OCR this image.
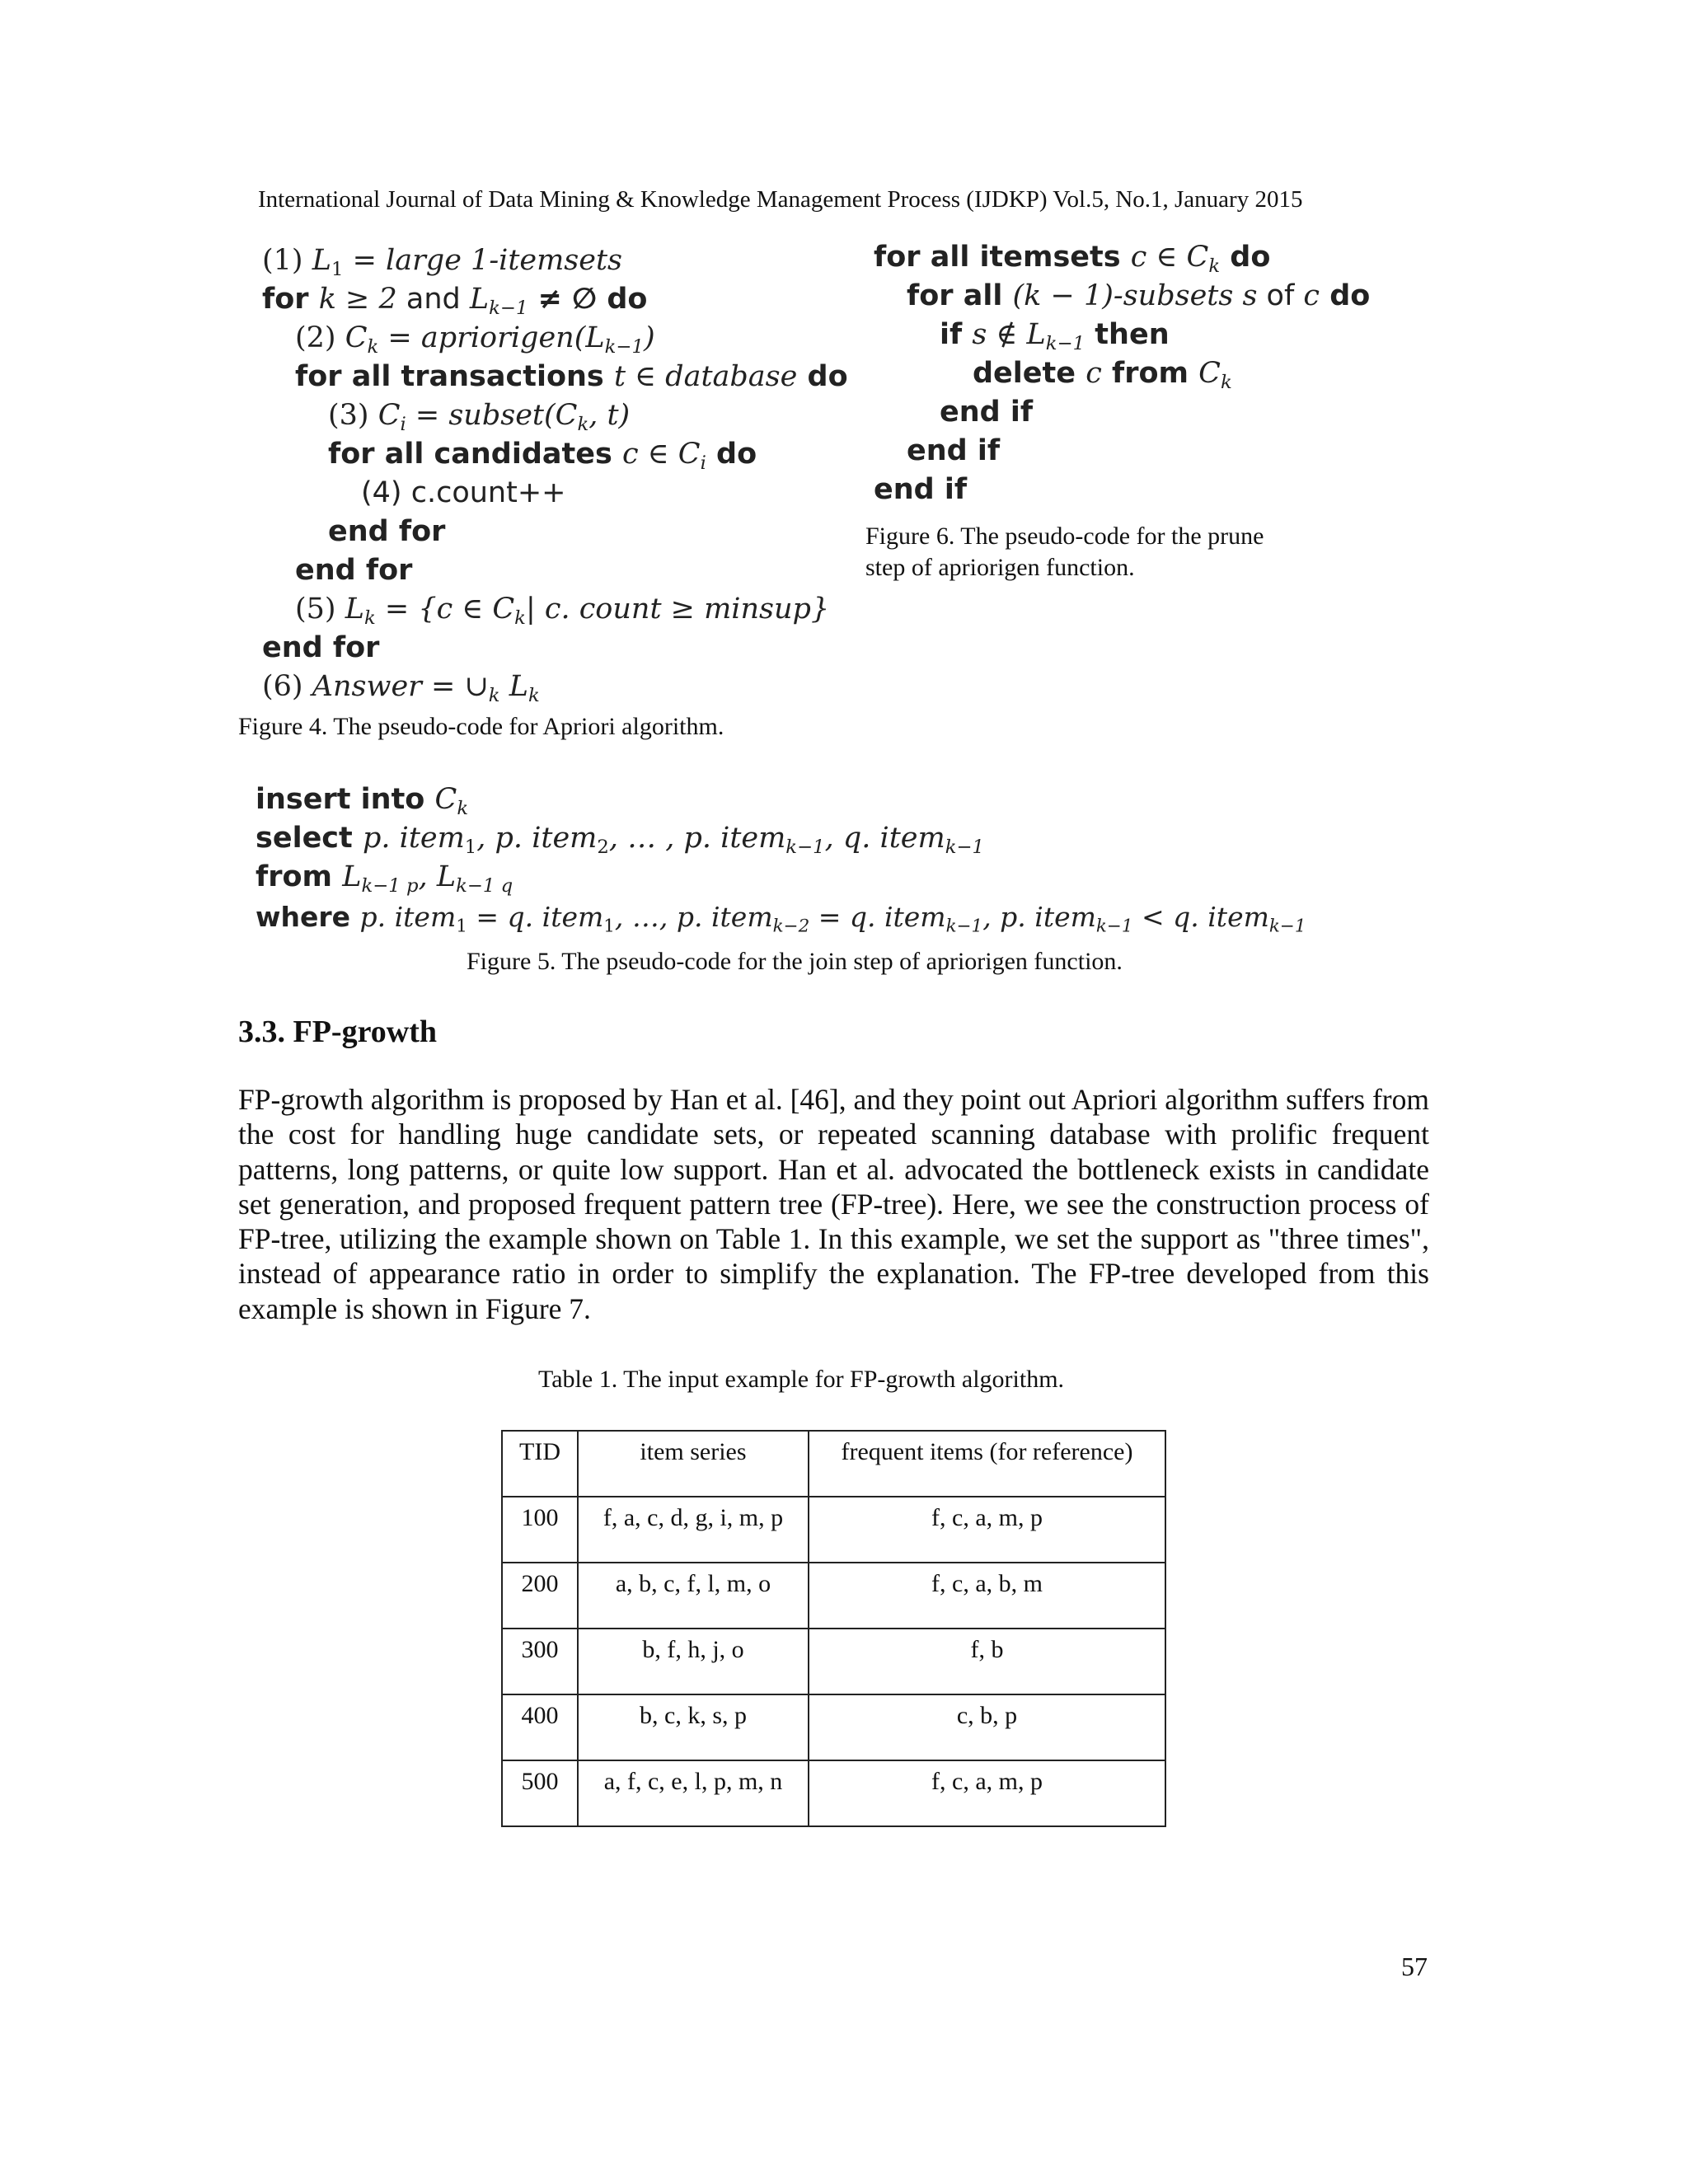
International Journal of Data Mining & Knowledge Management Process (IJDKP) Vol.5, No.1, January 2015
(1) $L_1$ = large 1-itemsets
for k ≥ 2 and $L_{k-1}$ ≠ ∅ do
(2) $C_k$ = $apriorigen(L_{k-1})$
for all transactions t ∈ database do
(3) $C_i$ = $subset(C_k$, t)
for all candidates c ∈ $C_i$ do
(4) c.count++
end for
end for
(5) $L_k = \{c$ ∈ $C_k|$ c. count ≥ minsup}
end for
(6) Answer = $\cup_k$ $L_k$
Figure 4. The pseudo-code for Apriori algorithm.
for all itemsets c ∈ $C_k$ do
for all (k − 1)-subsets s of c do
if s ∉ $L_{k-1}$ then
delete c from $C_k$
end if
end if
end if
Figure 6. The pseudo-code for the prune step of apriorigen function.
insert into $C_k$
select p. item$_1$, p. item$_2$, … , p. item$_{k-1}$, q. item$_{k-1}$
from $L_{k-1 p}$, $L_{k-1 q}$
where p. item$_1$ = q. item$_1$, …, p. item$_{k-2}$ = q. item$_{k-1}$, p. item$_{k-1}$ < q. item$_{k-1}$
Figure 5. The pseudo-code for the join step of apriorigen function.
3.3. FP-growth
FP-growth algorithm is proposed by Han et al. [46], and they point out Apriori algorithm suffers from the cost for handling huge candidate sets, or repeated scanning database with prolific frequent patterns, long patterns, or quite low support. Han et al. advocated the bottleneck exists in candidate set generation, and proposed frequent pattern tree (FP-tree). Here, we see the construction process of FP-tree, utilizing the example shown on Table 1. In this example, we set the support as "three times", instead of appearance ratio in order to simplify the explanation. The FP-tree developed from this example is shown in Figure 7.
Table 1. The input example for FP-growth algorithm.
TID	item series	frequent items (for reference)
100	f, a, c, d, g, i, m, p	f, c, a, m, p
200	a, b, c, f, l, m, o	f, c, a, b, m
300	b, f, h, j, o	f, b
400	b, c, k, s, p	c, b, p
500	a, f, c, e, l, p, m, n	f, c, a, m, p
57
